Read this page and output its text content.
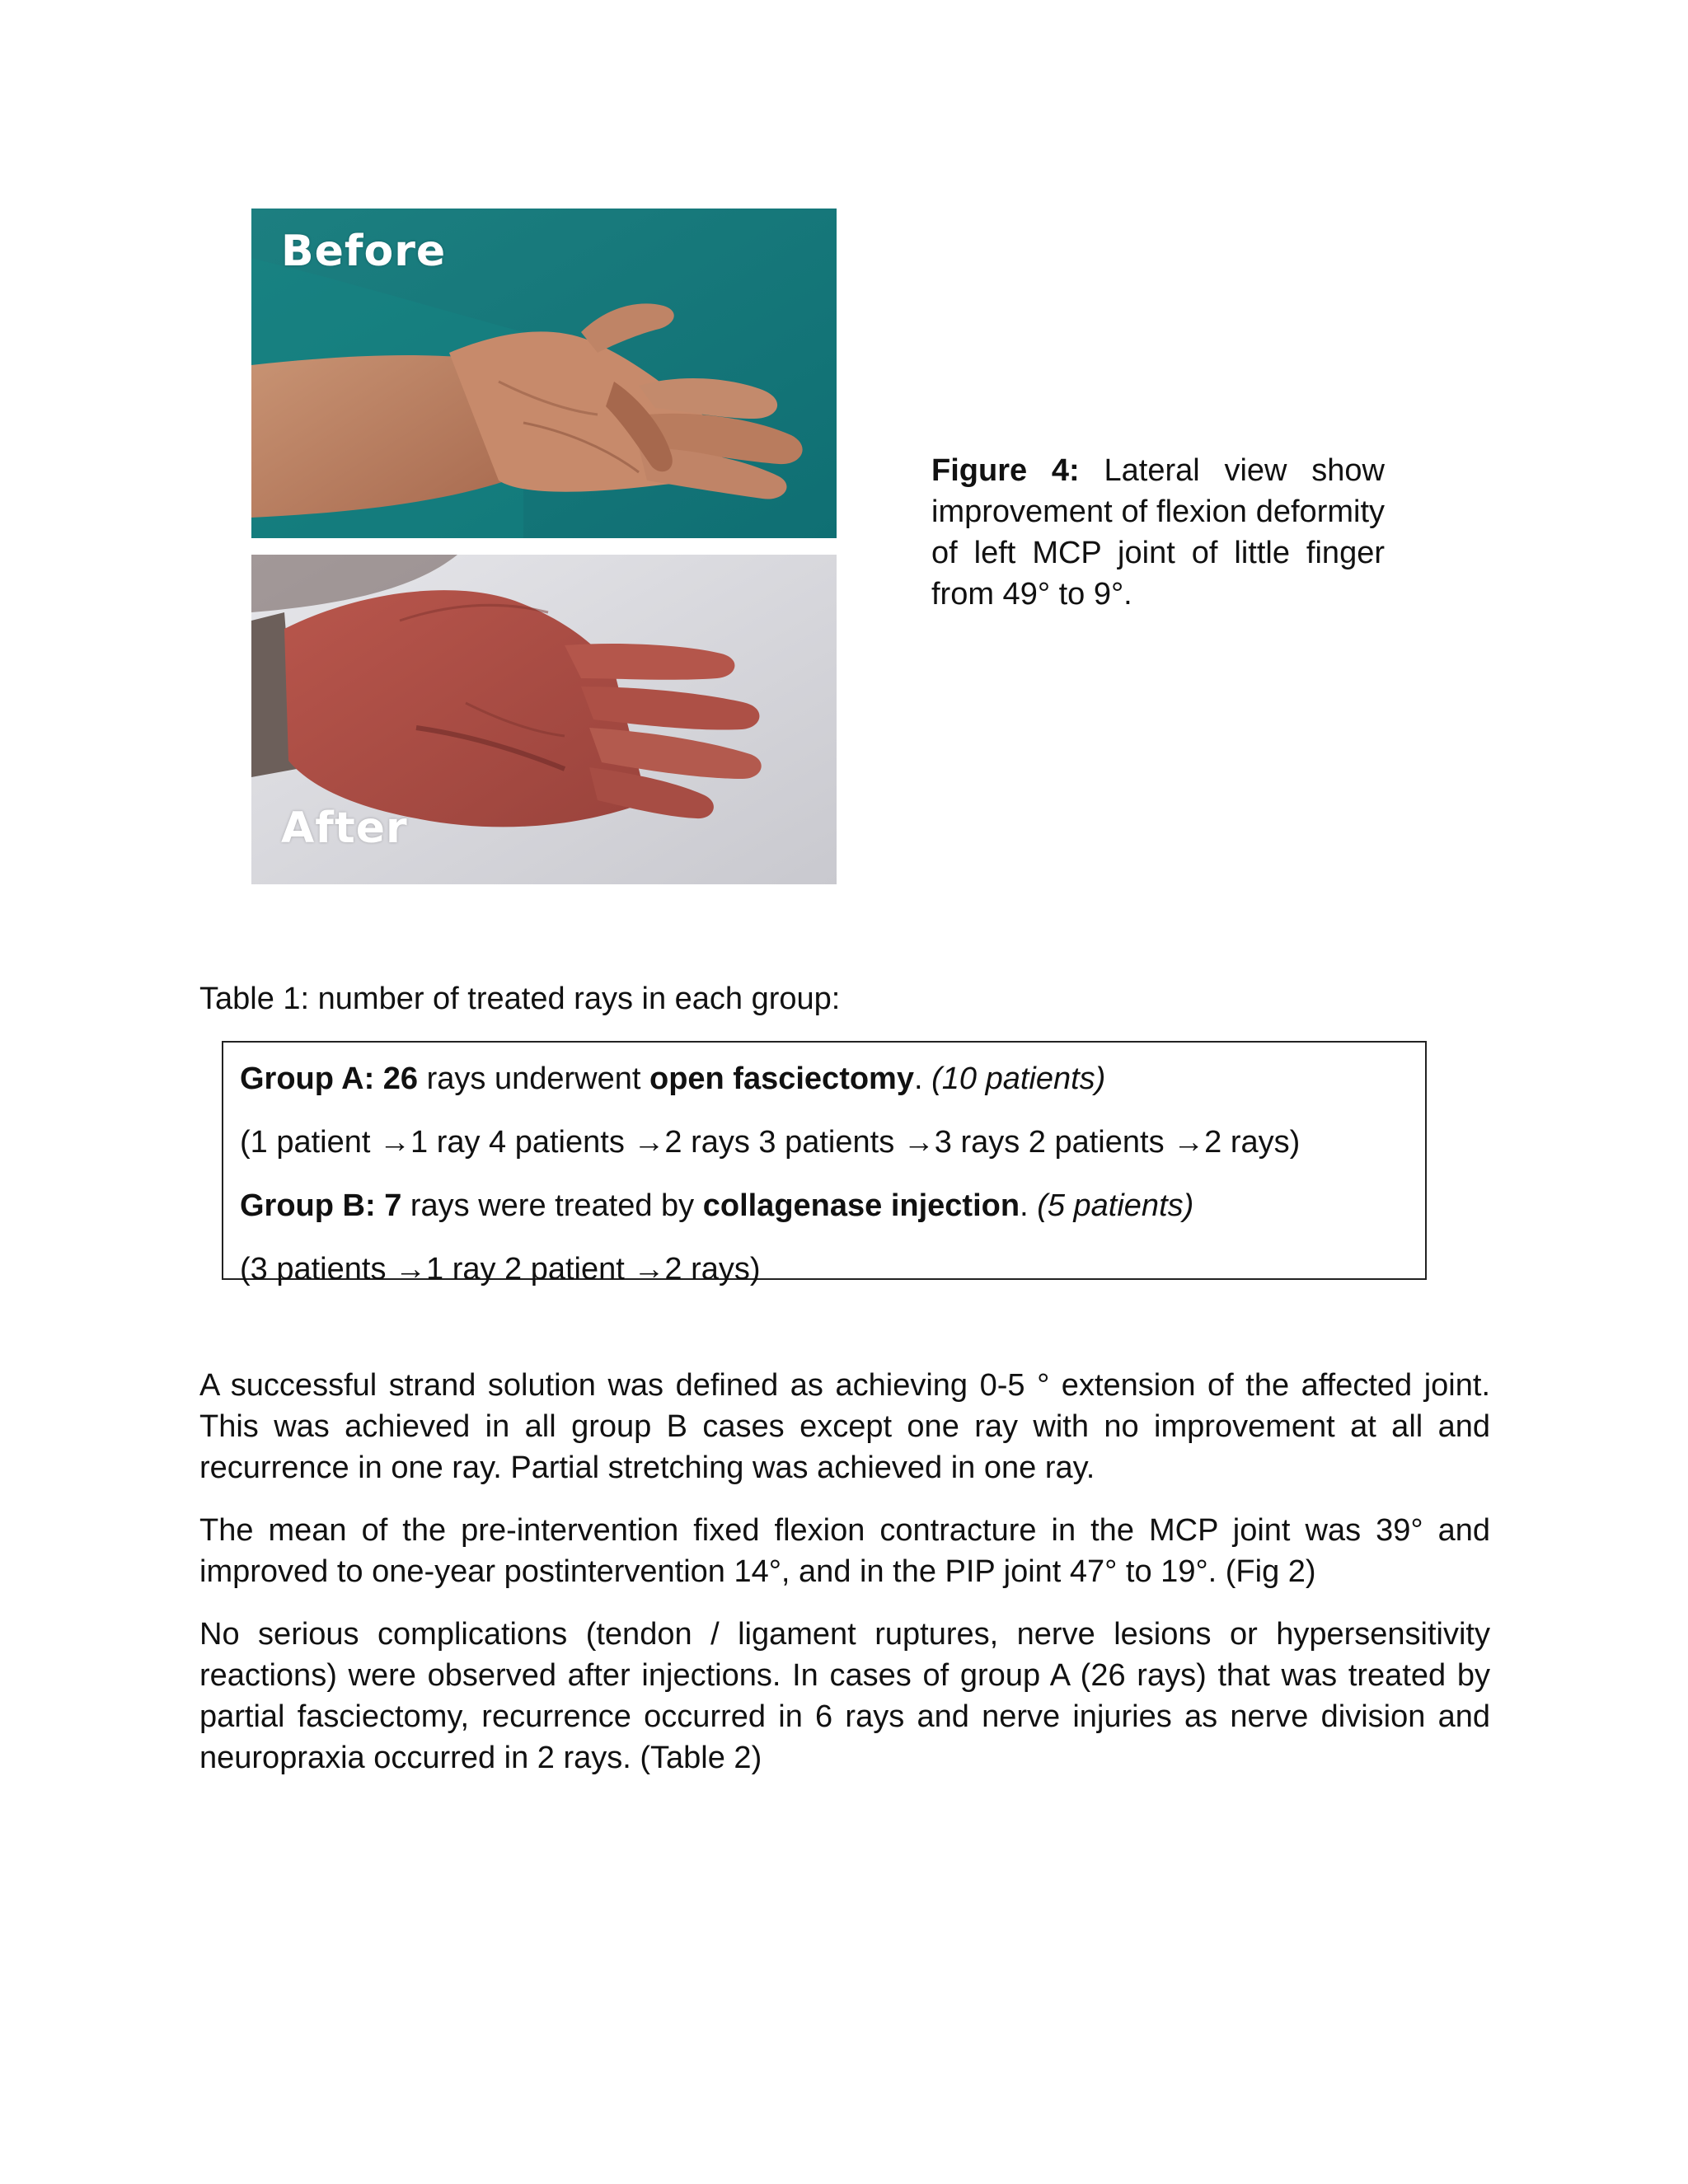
Before
After
Figure 4: Lateral view show improvement of flexion deformity of left MCP joint of little finger from 49° to 9°.
Table 1: number of treated rays in each group:

Group A: 26 rays underwent open fasciectomy. (10 patients)

(1 patient →1 ray 4 patients →2 rays 3 patients →3 rays 2 patients →2 rays)

Group B: 7 rays were treated by collagenase injection. (5 patients)

(3 patients →1 ray 2 patient →2 rays)

A successful strand solution was defined as achieving 0-5 ° extension of the affected joint. This was achieved in all group B cases except one ray with no improvement at all and recurrence in one ray. Partial stretching was achieved in one ray.

The mean of the pre-intervention fixed flexion contracture in the MCP joint was 39° and improved to one-year postintervention 14°, and in the PIP joint 47° to 19°. (Fig 2)

No serious complications (tendon / ligament ruptures, nerve lesions or hypersensitivity reactions) were observed after injections. In cases of group A (26 rays) that was treated by partial fasciectomy, recurrence occurred in 6 rays and nerve injuries as nerve division and neuropraxia occurred in 2 rays. (Table 2)
